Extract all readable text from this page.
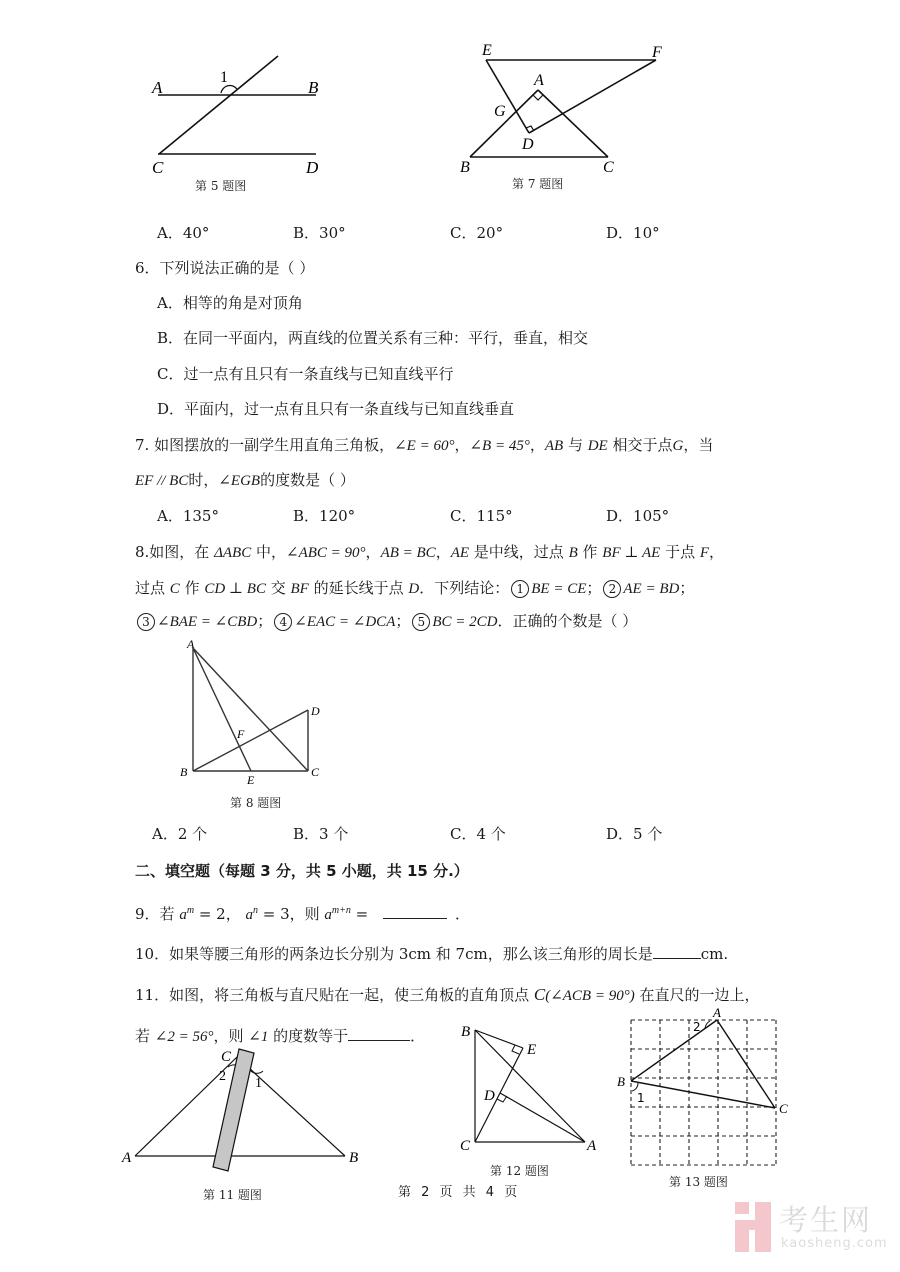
A	B
1
C	D
第 5 题图
E	F
A
G
D
B	C
第 7 题图
A．40°	B．30°	C．20°	D．10°
6．下列说法正确的是（ ）
A．相等的角是对顶角
B．在同一平面内，两直线的位置关系有三种：平行，垂直，相交
C．过一点有且只有一条直线与已知直线平行
D．平面内，过一点有且只有一条直线与已知直线垂直
7. 如图摆放的一副学生用直角三角板，∠E = 60°，∠B = 45°，AB 与 DE 相交于点G，当
EF // BC时，∠EGB的度数是（ ）
A．135°	B．120°	C．115°	D．105°
8.如图，在 ΔABC 中，∠ABC = 90°，AB = BC，AE 是中线，过点 B 作 BF ⊥ AE 于点 F，
过点 C 作 CD ⊥ BC 交 BF 的延长线于点 D．下列结论： 1 BE = CE； 2 AE = BD；
3 ∠BAE = ∠CBD； 4 ∠EAC = ∠DCA； 5 BC = 2CD．正确的个数是（ ）
A
D
F
B
E
C
第 8 题图
A．2 个	B．3 个	C．4 个	D．5 个
二、填空题（每题 3 分，共 5 小题，共 15 分.）
9．若 $a^m = 2$， $a^n = 3$，则 $a^{m+n}$ =	．
10．如果等腰三角形的两条边长分别为 3cm 和 7cm，那么该三角形的周长是	cm.
11．如图，将三角板与直尺贴在一起，使三角板的直角顶点 C(∠ACB = 90°) 在直尺的一边上，
若 ∠2 = 56°，则 ∠1 的度数等于	．
C
2 1
A	B
第 11 题图
B
E
D
C	A
第 12 题图
A
2
B
1
C
第 13 题图
第 2 页 共 4 页
考生网
kaosheng.com
